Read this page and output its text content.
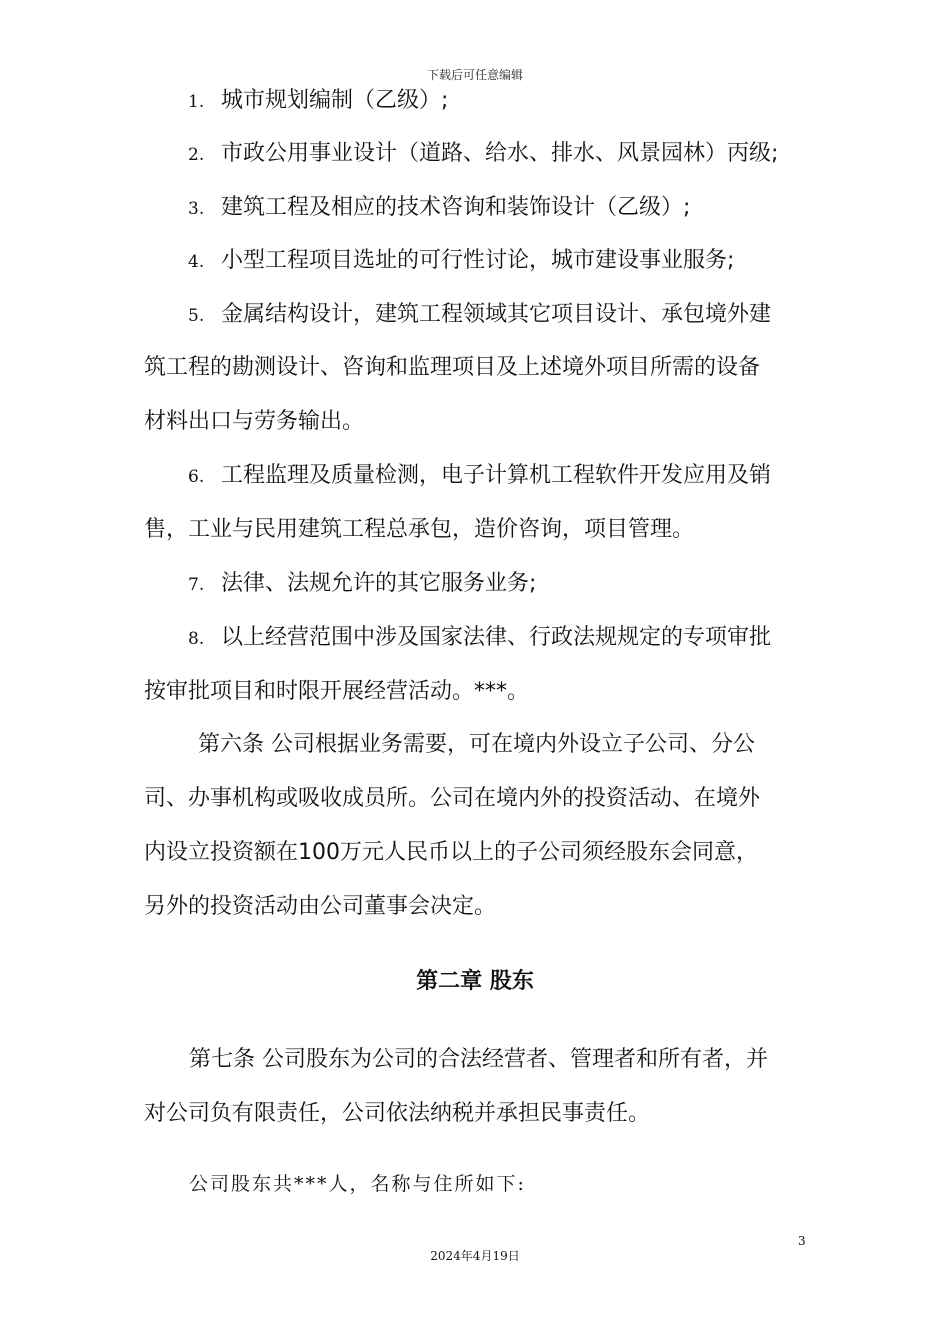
下载后可任意编辑
1. 城市规划编制（乙级）;
2. 市政公用事业设计（道路、给水、排水、风景园林）丙级;
3. 建筑工程及相应的技术咨询和装饰设计（乙级）;
4. 小型工程项目选址的可行性讨论，城市建设事业服务;
5. 金属结构设计，建筑工程领域其它项目设计、承包境外建
筑工程的勘测设计、咨询和监理项目及上述境外项目所需的设备
材料出口与劳务输出。
6. 工程监理及质量检测，电子计算机工程软件开发应用及销
售，工业与民用建筑工程总承包，造价咨询，项目管理。
7. 法律、法规允许的其它服务业务;
8. 以上经营范围中涉及国家法律、行政法规规定的专项审批
按审批项目和时限开展经营活动。***。
第六条 公司根据业务需要，可在境内外设立子公司、分公
司、办事机构或吸收成员所。公司在境内外的投资活动、在境外
内设立投资额在100万元人民币以上的子公司须经股东会同意，
另外的投资活动由公司董事会决定。
第二章 股东
第七条 公司股东为公司的合法经营者、管理者和所有者，并
对公司负有限责任，公司依法纳税并承担民事责任。
公司股东共***人，名称与住所如下:
3
2024年4月19日
